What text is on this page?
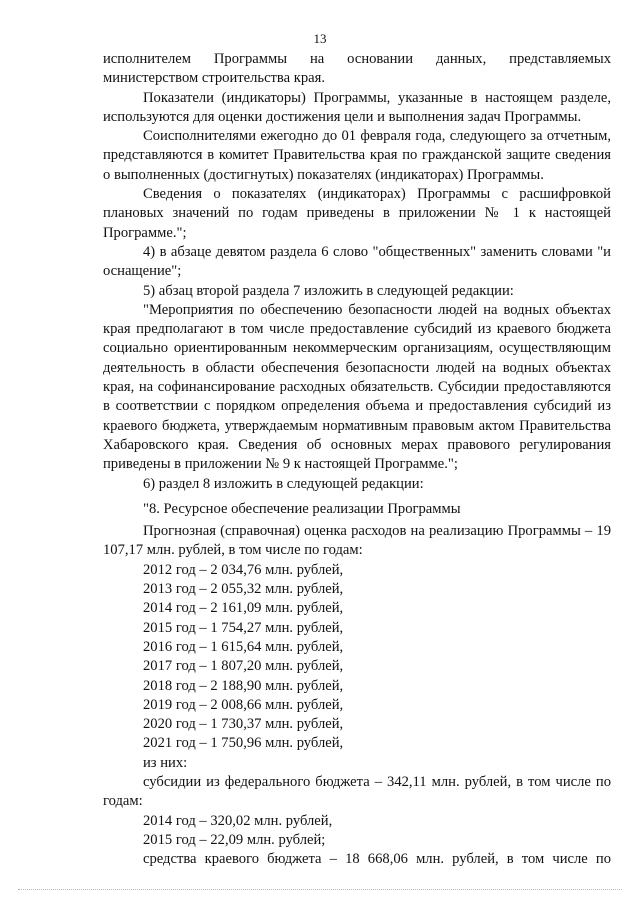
13

исполнителем Программы на основании данных, представляемых министерством строительства края.

Показатели (индикаторы) Программы, указанные в настоящем разделе, используются для оценки достижения цели и выполнения задач Программы.

Соисполнителями ежегодно до 01 февраля года, следующего за отчетным, представляются в комитет Правительства края по гражданской защите сведения о выполненных (достигнутых) показателях (индикаторах) Программы.

Сведения о показателях (индикаторах) Программы с расшифровкой плановых значений по годам приведены в приложении № 1 к настоящей Программе.";

4) в абзаце девятом раздела 6 слово "общественных" заменить словами "и оснащение";

5) абзац второй раздела 7 изложить в следующей редакции:

"Мероприятия по обеспечению безопасности людей на водных объектах края предполагают в том числе предоставление субсидий из краевого бюджета социально ориентированным некоммерческим организациям, осуществляющим деятельность в области обеспечения безопасности людей на водных объектах края, на софинансирование расходных обязательств. Субсидии предоставляются в соответствии с порядком определения объема и предоставления субсидий из краевого бюджета, утверждаемым нормативным правовым актом Правительства Хабаровского края. Сведения об основных мерах правового регулирования приведены в приложении № 9 к настоящей Программе.";

6) раздел 8 изложить в следующей редакции:

"8. Ресурсное обеспечение реализации Программы

Прогнозная (справочная) оценка расходов на реализацию Программы – 19 107,17 млн. рублей, в том числе по годам:

2012 год – 2 034,76 млн. рублей,

2013 год – 2 055,32 млн. рублей,

2014 год – 2 161,09 млн. рублей,

2015 год – 1 754,27 млн. рублей,

2016 год – 1 615,64 млн. рублей,

2017 год – 1 807,20 млн. рублей,

2018 год – 2 188,90 млн. рублей,

2019 год – 2 008,66 млн. рублей,

2020 год – 1 730,37 млн. рублей,

2021 год – 1 750,96 млн. рублей,

из них:

субсидии из федерального бюджета – 342,11 млн. рублей, в том числе по годам:

2014 год – 320,02 млн. рублей,

2015 год – 22,09 млн. рублей;

средства краевого бюджета – 18 668,06 млн. рублей, в том числе по
